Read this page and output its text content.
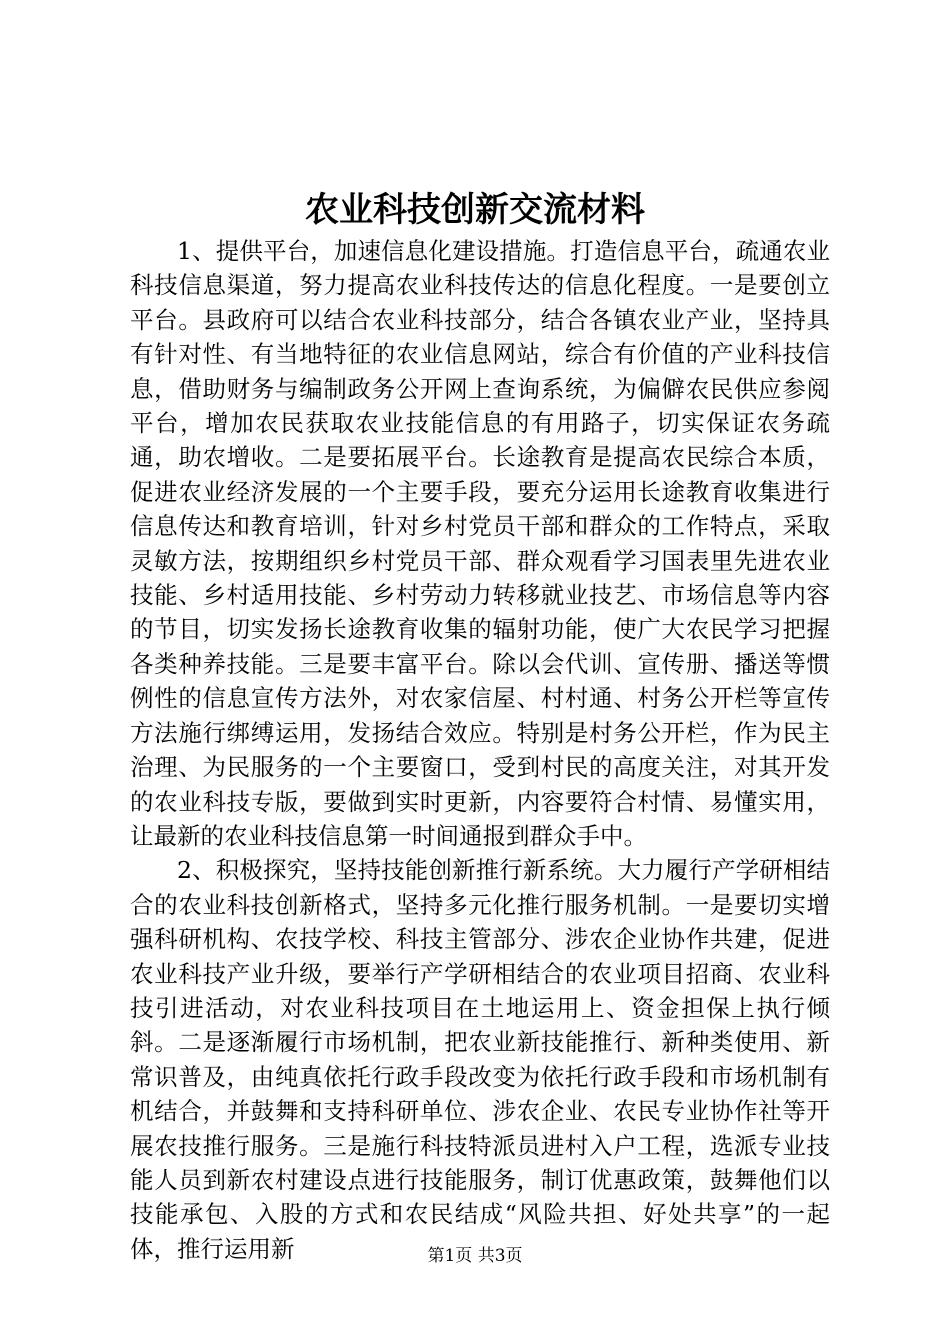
农业科技创新交流材料

1、提供平台，加速信息化建设措施。打造信息平台，疏通农业科技信息渠道，努力提高农业科技传达的信息化程度。一是要创立平台。县政府可以结合农业科技部分，结合各镇农业产业，坚持具有针对性、有当地特征的农业信息网站，综合有价值的产业科技信息，借助财务与编制政务公开网上查询系统，为偏僻农民供应参阅平台，增加农民获取农业技能信息的有用路子，切实保证农务疏通，助农增收。二是要拓展平台。长途教育是提高农民综合本质，促进农业经济发展的一个主要手段，要充分运用长途教育收集进行信息传达和教育培训，针对乡村党员干部和群众的工作特点，采取灵敏方法，按期组织乡村党员干部、群众观看学习国表里先进农业技能、乡村适用技能、乡村劳动力转移就业技艺、市场信息等内容的节目，切实发扬长途教育收集的辐射功能，使广大农民学习把握各类种养技能。三是要丰富平台。除以会代训、宣传册、播送等惯例性的信息宣传方法外，对农家信屋、村村通、村务公开栏等宣传方法施行绑缚运用，发扬结合效应。特别是村务公开栏，作为民主治理、为民服务的一个主要窗口，受到村民的高度关注，对其开发的农业科技专版，要做到实时更新，内容要符合村情、易懂实用，让最新的农业科技信息第一时间通报到群众手中。

2、积极探究，坚持技能创新推行新系统。大力履行产学研相结合的农业科技创新格式，坚持多元化推行服务机制。一是要切实增强科研机构、农技学校、科技主管部分、涉农企业协作共建，促进农业科技产业升级，要举行产学研相结合的农业项目招商、农业科技引进活动，对农业科技项目在土地运用上、资金担保上执行倾斜。二是逐渐履行市场机制，把农业新技能推行、新种类使用、新常识普及，由纯真依托行政手段改变为依托行政手段和市场机制有机结合，并鼓舞和支持科研单位、涉农企业、农民专业协作社等开展农技推行服务。三是施行科技特派员进村入户工程，选派专业技能人员到新农村建设点进行技能服务，制订优惠政策，鼓舞他们以技能承包、入股的方式和农民结成“风险共担、好处共享”的一起体，推行运用新	第1页 共3页
